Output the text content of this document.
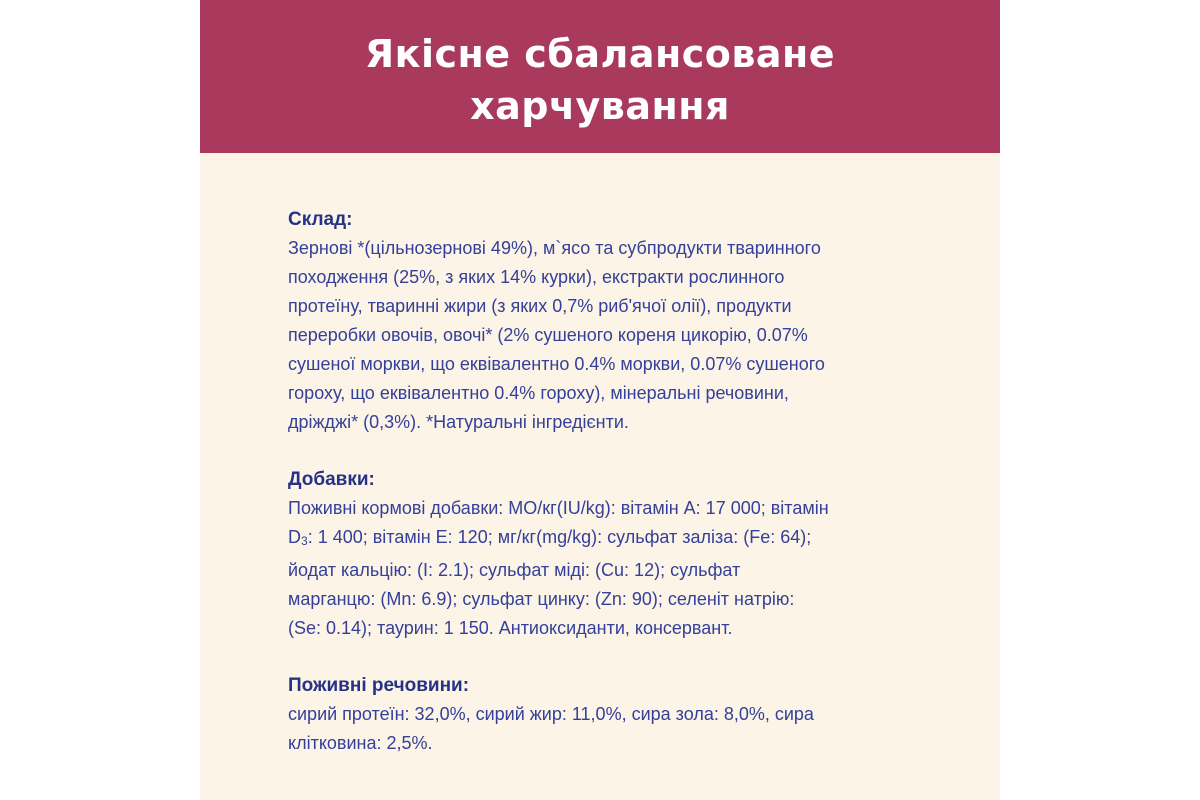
Якісне сбалансоване
харчування

Склад:

Зернові *(цільнозернові 49%), м`ясо та субпродукти тваринного
походження (25%, з яких 14% курки), екстракти рослинного
протеїну, тваринні жири (з яких 0,7% риб'ячої олії), продукти
переробки овочів, овочі* (2% сушеного кореня цикорію, 0.07%
сушеної моркви, що еквівалентно 0.4% моркви, 0.07% сушеного
гороху, що еквівалентно 0.4% гороху), мінеральні речовини,
дріжджі* (0,3%). *Натуральні інгредієнти.

Добавки:

Поживні кормові добавки: МО/кг(IU/kg): вітамін А: 17 000; вітамін
D3: 1 400; вітамін Е: 120; мг/кг(mg/kg): сульфат заліза: (Fe: 64);
йодат кальцію: (I: 2.1); сульфат міді: (Cu: 12); сульфат
марганцю: (Mn: 6.9); сульфат цинку: (Zn: 90); селеніт натрію:
(Se: 0.14); таурин: 1 150. Антиоксиданти, консервант.

Поживні речовини:

сирий протеїн: 32,0%, сирий жир: 11,0%, сира зола: 8,0%, сира
клітковина: 2,5%.
